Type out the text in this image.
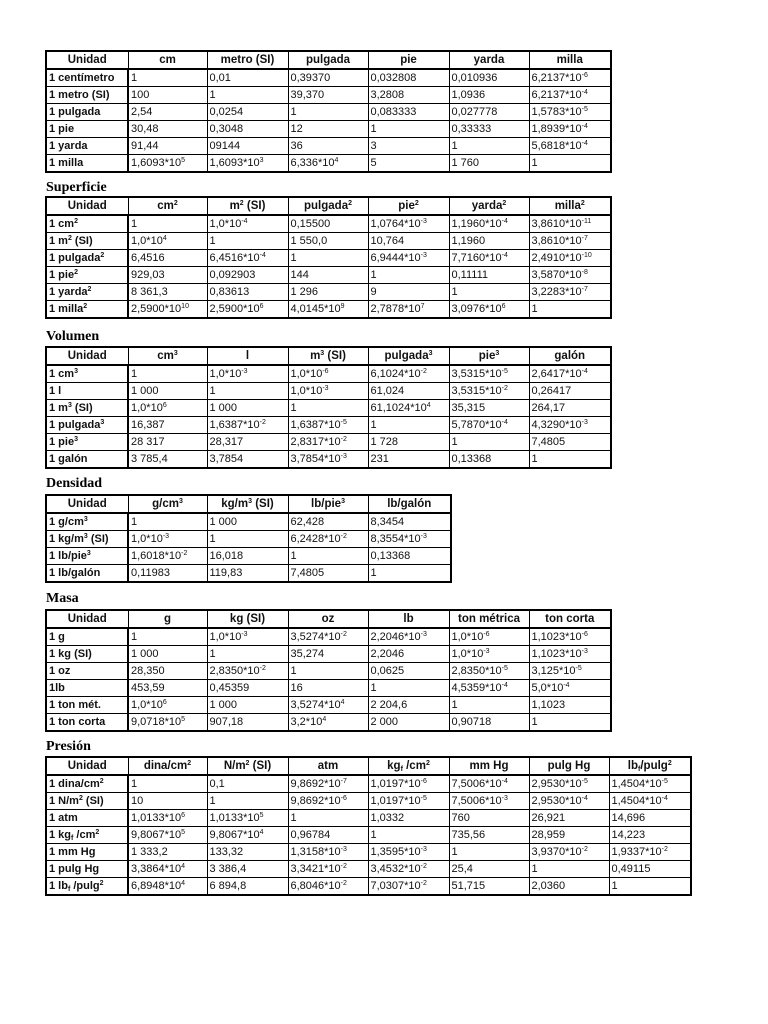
Unidad	cm	metro (SI)	pulgada	pie	yarda	milla
1 centímetro	1	0,01	0,39370	0,032808	0,010936	$6,2137*10^{-6}$
1 metro (SI)	100	1	39,370	3,2808	1,0936	$6,2137*10^{-4}$
1 pulgada	2,54	0,0254	1	0,083333	0,027778	$1,5783*10^{-5}$
1 pie	30,48	0,3048	12	1	0,33333	$1,8939*10^{-4}$
1 yarda	91,44	09144	36	3	1	$5,6818*10^{-4}$
1 milla	$1,6093*10^5$	$1,6093*10^3$	$6,336*10^4$	5	1 760	1
Superficie
Unidad	$cm^2$	$m^2$ (SI)	pulgada$^2$	pie$^2$	yarda$^2$	milla$^2$
1 $cm^2$	1	$1,0*10^{-4}$	0,15500	$1,0764*10^{-3}$	$1,1960*10^{-4}$	$3,8610*10^{-11}$
1 $m^2$ (SI)	$1,0*10^4$	1	1 550,0	10,764	1,1960	$3,8610*10^{-7}$
1 pulgada$^2$	6,4516	$6,4516*10^{-4}$	1	$6,9444*10^{-3}$	$7,7160*10^{-4}$	$2,4910*10^{-10}$
1 pie$^2$	929,03	0,092903	144	1	0,11111	$3,5870*10^{-8}$
1 yarda$^2$	8 361,3	0,83613	1 296	9	1	$3,2283*10^{-7}$
1 milla$^2$	$2,5900*10^{10}$	$2,5900*10^6$	$4,0145*10^9$	$2,7878*10^7$	$3,0976*10^6$	1
Volumen
Unidad	$cm^3$	l	$m^3$ (SI)	pulgada$^3$	pie$^3$	galón
1 $cm^3$	1	$1,0*10^{-3}$	$1,0*10^{-6}$	$6,1024*10^{-2}$	$3,5315*10^{-5}$	$2,6417*10^{-4}$
1 l	1 000	1	$1,0*10^{-3}$	61,024	$3,5315*10^{-2}$	0,26417
1 $m^3$ (SI)	$1,0*10^6$	1 000	1	$61,1024*10^4$	35,315	264,17
1 pulgada$^3$	16,387	$1,6387*10^{-2}$	$1,6387*10^{-5}$	1	$5,7870*10^{-4}$	$4,3290*10^{-3}$
1 pie$^3$	28 317	28,317	$2,8317*10^{-2}$	1 728	1	7,4805
1 galón	3 785,4	3,7854	$3,7854*10^{-3}$	231	0,13368	1
Densidad
Unidad	$g/cm^3$	$kg/m^3$ (SI)	lb/pie$^3$	lb/galón
1 $g/cm^3$	1	1 000	62,428	8,3454
1 $kg/m^3$ (SI)	$1,0*10^{-3}$	1	$6,2428*10^{-2}$	$8,3554*10^{-3}$
1 lb/pie$^3$	$1,6018*10^{-2}$	16,018	1	0,13368
1 lb/galón	0,11983	119,83	7,4805	1
Masa
Unidad	g	kg (SI)	oz	lb	ton métrica	ton corta
1 g	1	$1,0*10^{-3}$	$3,5274*10^{-2}$	$2,2046*10^{-3}$	$1,0*10^{-6}$	$1,1023*10^{-6}$
1 kg (SI)	1 000	1	35,274	2,2046	$1,0*10^{-3}$	$1,1023*10^{-3}$
1 oz	28,350	$2,8350*10^{-2}$	1	0,0625	$2,8350*10^{-5}$	$3,125*10^{-5}$
1lb	453,59	0,45359	16	1	$4,5359*10^{-4}$	$5,0*10^{-4}$
1 ton mét.	$1,0*10^6$	1 000	$3,5274*10^4$	2 204,6	1	1,1023
1 ton corta	$9,0718*10^5$	907,18	$3,2*10^4$	2 000	0,90718	1
Presión
Unidad	dina/$cm^2$	$N/m^2$ (SI)	atm	$kg_f$ $/cm^2$	mm Hg	pulg Hg	$lb_f/pulg^2$
1 dina/$cm^2$	1	0,1	$9,8692*10^{-7}$	$1,0197*10^{-6}$	$7,5006*10^{-4}$	$2,9530*10^{-5}$	$1,4504*10^{-5}$
1 $N/m^2$ (SI)	10	1	$9,8692*10^{-6}$	$1,0197*10^{-5}$	$7,5006*10^{-3}$	$2,9530*10^{-4}$	$1,4504*10^{-4}$
1 atm	$1,0133*10^6$	$1,0133*10^5$	1	1,0332	760	26,921	14,696
1 $kg_f$ $/cm^2$	$9,8067*10^5$	$9,8067*10^4$	0,96784	1	735,56	28,959	14,223
1 mm Hg	1 333,2	133,32	$1,3158*10^{-3}$	$1,3595*10^{-3}$	1	$3,9370*10^{-2}$	$1,9337*10^{-2}$
1 pulg Hg	$3,3864*10^4$	3 386,4	$3,3421*10^{-2}$	$3,4532*10^{-2}$	25,4	1	0,49115
1 $lb_f$ /pulg$^2$	$6,8948*10^4$	6 894,8	$6,8046*10^{-2}$	$7,0307*10^{-2}$	51,715	2,0360	1
